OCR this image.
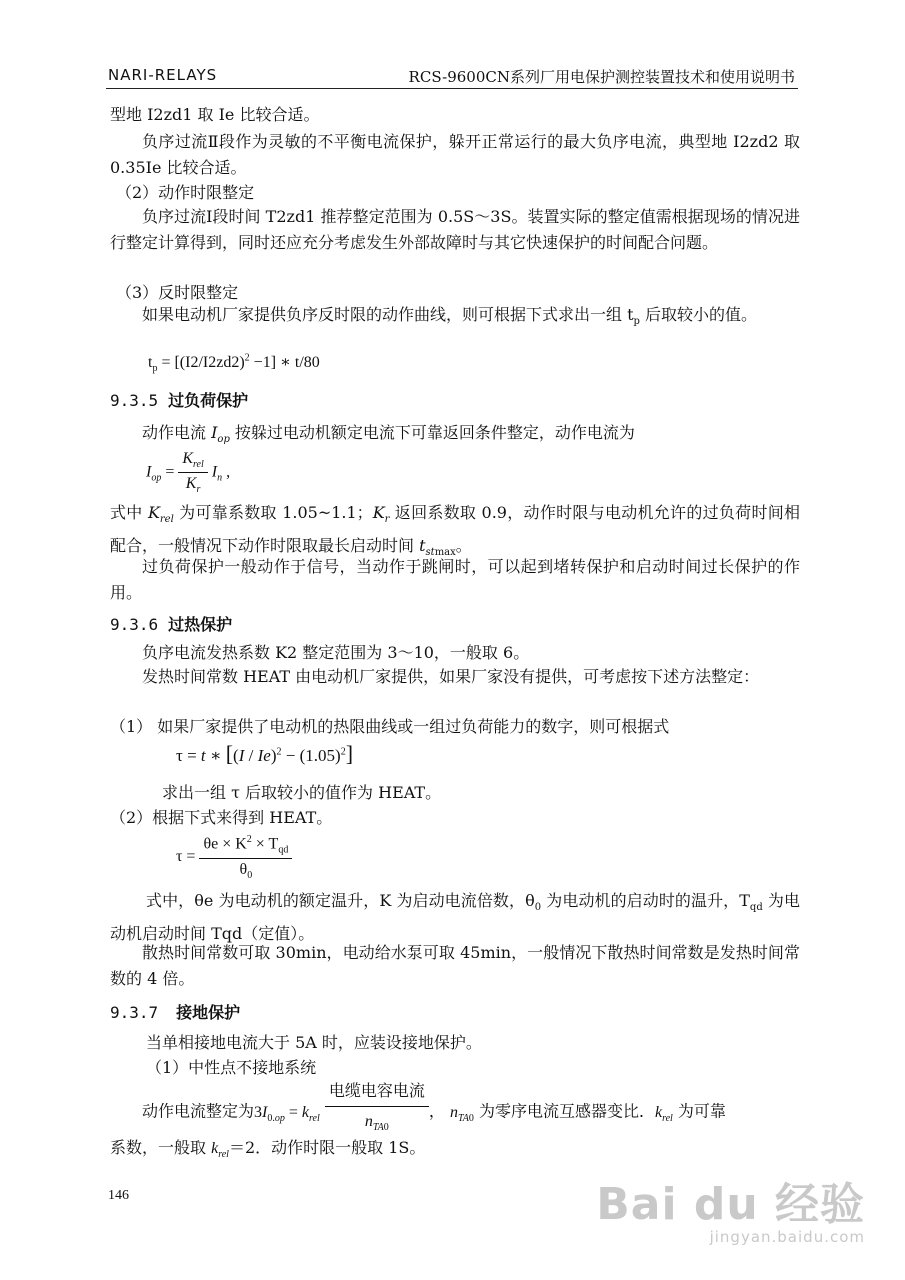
NARI-RELAYS	RCS-9600CN系列厂用电保护测控装置技术和使用说明书
型地 I2zd1 取 Ie 比较合适。
负序过流Ⅱ段作为灵敏的不平衡电流保护，躲开正常运行的最大负序电流，典型地 I2zd2 取 0.35Ie 比较合适。
（2）动作时限整定
负序过流Ⅰ段时间 T2zd1 推荐整定范围为 0.5S～3S。装置实际的整定值需根据现场的情况进行整定计算得到，同时还应充分考虑发生外部故障时与其它快速保护的时间配合问题。
（3）反时限整定
如果电动机厂家提供负序反时限的动作曲线，则可根据下式求出一组 $t_p$ 后取较小的值。
$t_p = [(I2/I2zd2)^2 -1]$ ∗ t/80
9.3.5 过负荷保护
动作电流 $I_{op}$ 按躲过电动机额定电流下可靠返回条件整定，动作电流为
$I_{op} = \frac{K_{rel}}{K_r} I_n$ ,
式中 $K_{rel}$ 为可靠系数取 1.05~1.1；$K_r$ 返回系数取 0.9，动作时限与电动机允许的过负荷时间相配合，一般情况下动作时限取最长启动时间 $t_{stmax}$。
过负荷保护一般动作于信号，当动作于跳闸时，可以起到堵转保护和启动时间过长保护的作用。
9.3.6 过热保护
负序电流发热系数 K2 整定范围为 3～10，一般取 6。
发热时间常数 HEAT 由电动机厂家提供，如果厂家没有提供，可考虑按下述方法整定：
（1） 如果厂家提供了电动机的热限曲线或一组过负荷能力的数字，则可根据式
τ = t ∗ $[(I / Ie)^2 - (1.05)^2]$
求出一组 τ 后取较小的值作为 HEAT。
（2）根据下式来得到 HEAT。
$\tau = \frac{\theta e \times K^2 \times T_{qd}}{\theta_0}$
式中，θe 为电动机的额定温升，K 为启动电流倍数，$\theta_0$ 为电动机的启动时的温升，$T_{qd}$ 为电动机启动时间 Tqd（定值）。
散热时间常数可取 30min，电动给水泵可取 45min，一般情况下散热时间常数是发热时间常数的 4 倍。
9.3.7 接地保护
当单相接地电流大于 5A 时，应装设接地保护。
（1）中性点不接地系统
动作电流整定为$3I_{0.op} = k_{rel} \frac{\text{电缆电容电流}}{n_{TA0}}$ ， $n_{TA0}$ 为零序电流互感器变比．$k_{rel}$ 为可靠
系数，一般取 $k_{rel}=2$．动作时限一般取 1S。
146	Bai du 经验
jingyan.baidu.com
